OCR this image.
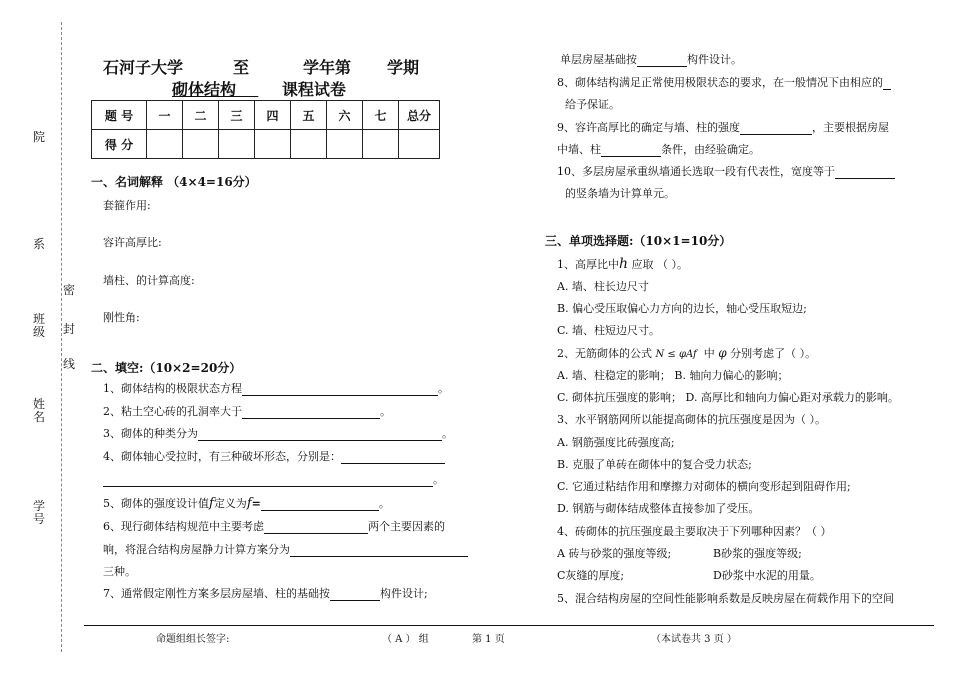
院
系
班级
姓名
学号
密
封
线
石河子大学	至	学年第 学期
砌体结构	课程试卷
题 号	一	二	三	四	五	六	七	总分
得 分								
一、名词解释 （4×4=16分）
套箍作用:
容许高厚比:
墙柱、的计算高度:
刚性角:
二、填空:（10×2=20分）
1、砌体结构的极限状态方程	。
2、粘土空心砖的孔洞率大于	。
3、砌体的种类分为	。
4、砌体轴心受拉时，有三种破坏形态，分别是：
。
5、砌体的强度设计值f定义为f=	。
6、现行砌体结构规范中主要考虑	两个主要因素的
响，将混合结构房屋静力计算方案分为
三种。
7、通常假定刚性方案多层房屋墙、柱的基础按	构件设计;
单层房屋基础按	构件设计。
8、砌体结构满足正常使用极限状态的要求，在一般情况下由相应的
给予保证。
9、容许高厚比的确定与墙、柱的强度	，主要根据房屋
中墙、柱	条件，由经验确定。
10、多层房屋承重纵墙通长选取一段有代表性，宽度等于
的竖条墙为计算单元。
三、单项选择题:（10×1=10分）
1、高厚比中h 应取 （ ）。
A. 墙、柱长边尺寸
B. 偏心受压取偏心力方向的边长，轴心受压取短边;
C. 墙、柱短边尺寸。
2、无筋砌体的公式 N ≤ φAf 中 φ 分别考虑了（ ）。
A. 墙、柱稳定的影响； B. 轴向力偏心的影响；
C. 砌体抗压强度的影响； D. 高厚比和轴向力偏心距对承载力的影响。
3、水平钢筋网所以能提高砌体的抗压强度是因为（ ）。
A. 钢筋强度比砖强度高;
B. 克服了单砖在砌体中的复合受力状态;
C. 它通过粘结作用和摩擦力对砌体的横向变形起到阻碍作用;
D. 钢筋与砌体结成整体直接参加了受压。
4、砖砌体的抗压强度最主要取决于下列哪种因素？（ ）
A 砖与砂浆的强度等级;	B砂浆的强度等级;
C灰缝的厚度;	D砂浆中水泥的用量。
5、混合结构房屋的空间性能影响系数是反映房屋在荷载作用下的空间
命题组组长签字:	（ A ） 组	第 1 页	（本试卷共 3 页 ）
